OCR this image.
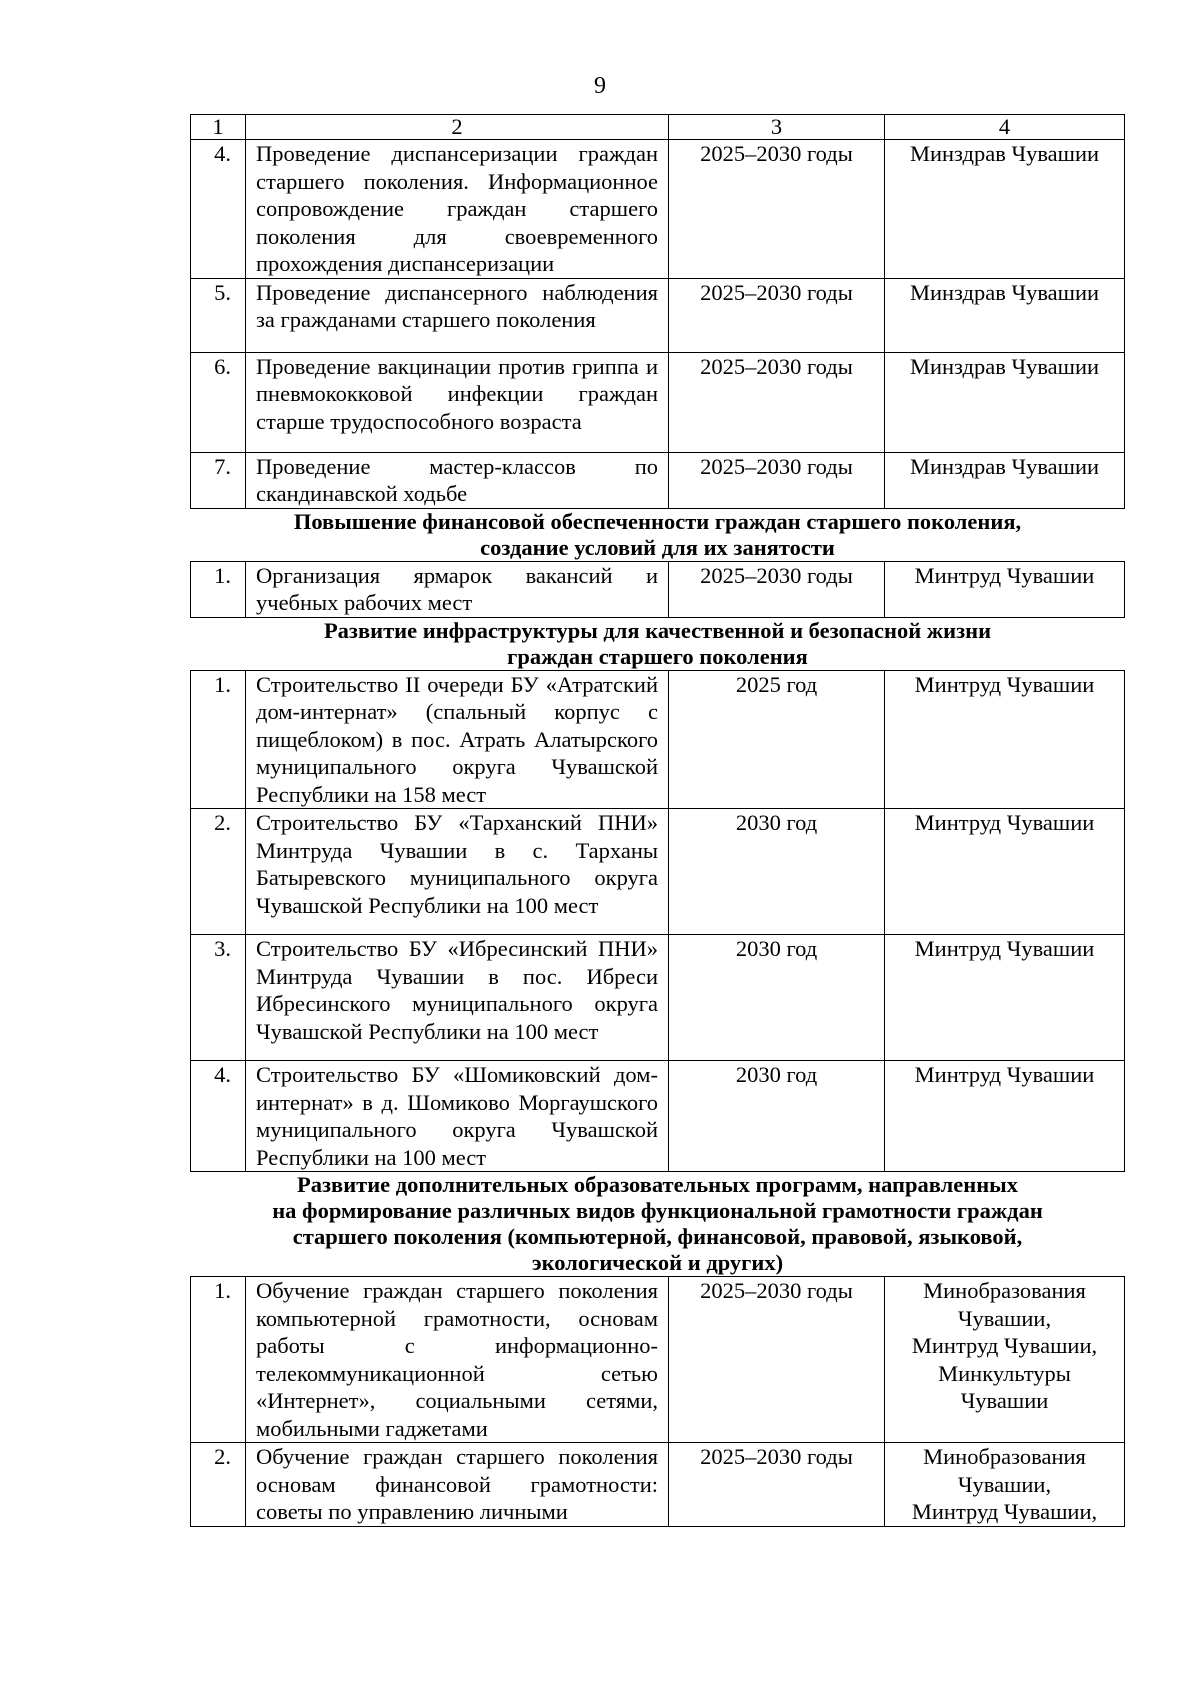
9
1	2	3	4
4.	Проведение диспансеризации граждан старшего поколения. Информационное сопровождение граждан старшего поколения для своевременного прохождения диспансеризации	2025–2030 годы	Минздрав Чувашии
5.	Проведение диспансерного наблюдения за гражданами старшего поколения	2025–2030 годы	Минздрав Чувашии
6.	Проведение вакцинации против гриппа и пневмококковой инфекции граждан старше трудоспособного возраста	2025–2030 годы	Минздрав Чувашии
7.	Проведение мастер-классов по скандинавской ходьбе	2025–2030 годы	Минздрав Чувашии

Повышение финансовой обеспеченности граждан старшего поколения,
создание условий для их занятости			

1.	Организация ярмарок вакансий и учебных рабочих мест	2025–2030 годы	Минтруд Чувашии

Развитие инфраструктуры для качественной и безопасной жизни
граждан старшего поколения			

1.	Строительство II очереди БУ «Атратский дом-интернат» (спальный корпус с пищеблоком) в пос. Атрать Алатырского муниципального округа Чувашской Республики на 158 мест	2025 год	Минтруд Чувашии
2.	Строительство БУ «Тарханский ПНИ» Минтруда Чувашии в с. Тарханы Батыревского муниципального округа Чувашской Республики на 100 мест	2030 год	Минтруд Чувашии
3.	Строительство БУ «Ибресинский ПНИ» Минтруда Чувашии в пос. Ибреси Ибресинского муниципального округа Чувашской Республики на 100 мест	2030 год	Минтруд Чувашии
4.	Строительство БУ «Шомиковский дом-интернат» в д. Шомиково Моргаушского муниципального округа Чувашской Республики на 100 мест	2030 год	Минтруд Чувашии

Развитие дополнительных образовательных программ, направленных
на формирование различных видов функциональной грамотности граждан
старшего поколения (компьютерной, финансовой, правовой, языковой,
экологической и других)			

1.	Обучение граждан старшего поколения компьютерной грамотности, основам работы с информационно-телекоммуникационной сетью «Интернет», социальными сетями, мобильными гаджетами	2025–2030 годы	Минобразования
Чувашии,
Минтруд Чувашии,
Минкультуры
Чувашии

2.	Обучение граждан старшего поколения основам финансовой грамотности: советы по управлению личными	2025–2030 годы	Минобразования
Чувашии,
Минтруд Чувашии,
